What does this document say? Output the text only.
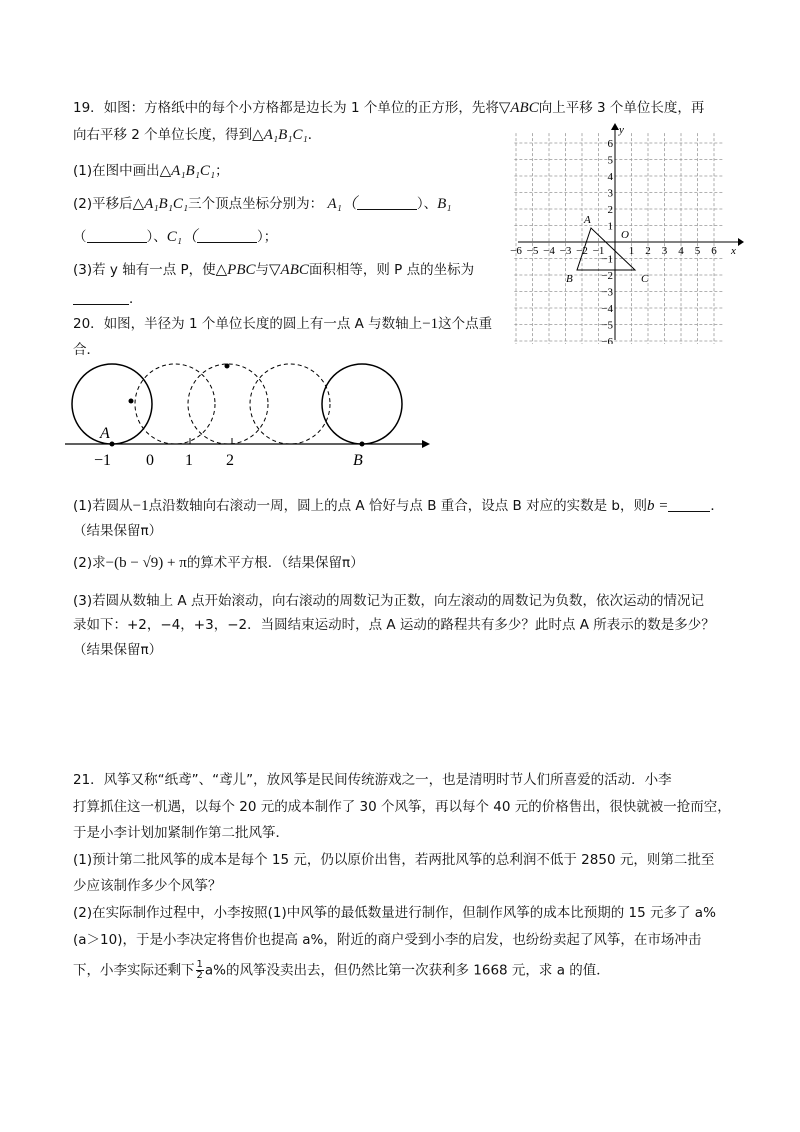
19．如图：方格纸中的每个小方格都是边长为 1 个单位的正方形，先将▽ABC向上平移 3 个单位长度，再
向右平移 2 个单位长度，得到△A₁B₁C₁．
(1)在图中画出△A₁B₁C₁；
(2)平移后△A₁B₁C₁三个顶点坐标分别为： A₁（	）、B₁
（	）、C₁（	）；
(3)若 y 轴有一点 P，使△PBC与▽ABC面积相等，则 P 点的坐标为
．
x
y
O
−6 −5 −4 −3 −2 −1 1 2 3 4 5 6
6
5
4
3
2
1
−1
−2
−3
−4
−5
−6
A
B	C
20．如图，半径为 1 个单位长度的圆上有一点 A 与数轴上−1这个点重
合．
A
B
−1 0 1 2
(1)若圆从−1点沿数轴向右滚动一周，圆上的点 A 恰好与点 B 重合，设点 B 对应的实数是 b，则b =	．
（结果保留π）
(2)求−(b − √9) + π的算术平方根．（结果保留π）
(3)若圆从数轴上 A 点开始滚动，向右滚动的周数记为正数，向左滚动的周数记为负数，依次运动的情况记
录如下：+2，−4，+3，−2．当圆结束运动时，点 A 运动的路程共有多少？此时点 A 所表示的数是多少？
（结果保留π）
21．风筝又称“纸鸢”、“鸢儿”，放风筝是民间传统游戏之一，也是清明时节人们所喜爱的活动．小李
打算抓住这一机遇，以每个 20 元的成本制作了 30 个风筝，再以每个 40 元的价格售出，很快就被一抢而空，
于是小李计划加紧制作第二批风筝．
(1)预计第二批风筝的成本是每个 15 元，仍以原价出售，若两批风筝的总利润不低于 2850 元，则第二批至
少应该制作多少个风筝？
(2)在实际制作过程中，小李按照(1)中风筝的最低数量进行制作，但制作风筝的成本比预期的 15 元多了 a%
(a＞10)，于是小李决定将售价也提高 a%，附近的商户受到小李的启发，也纷纷卖起了风筝，在市场冲击
下，小李实际还剩下 $\frac{1}{2} a\%$的风筝没卖出去，但仍然比第一次获利多 1668 元，求 a 的值．
